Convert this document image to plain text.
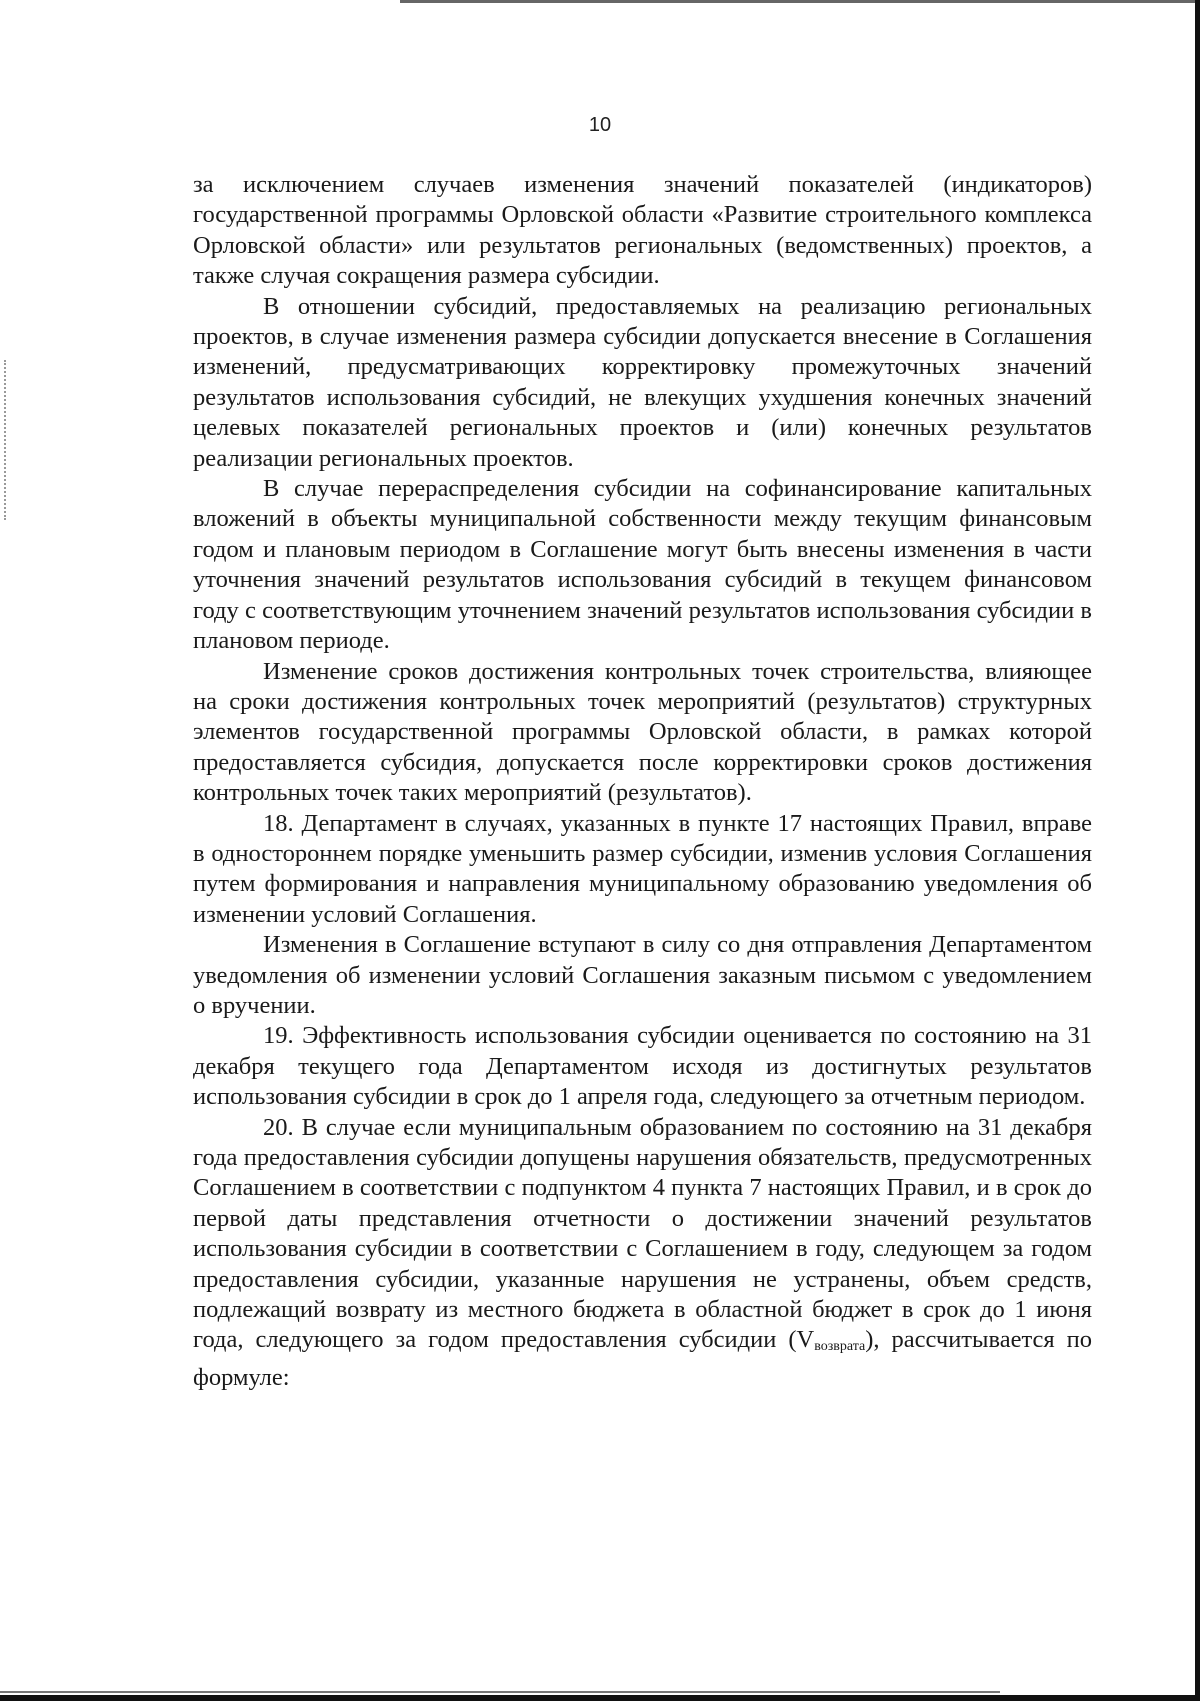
10

за исключением случаев изменения значений показателей (индикаторов) государственной программы Орловской области «Развитие строительного комплекса Орловской области» или результатов региональных (ведомственных) проектов, а также случая сокращения размера субсидии.

В отношении субсидий, предоставляемых на реализацию региональных проектов, в случае изменения размера субсидии допускается внесение в Соглашения изменений, предусматривающих корректировку промежуточных значений результатов использования субсидий, не влекущих ухудшения конечных значений целевых показателей региональных проектов и (или) конечных результатов реализации региональных проектов.

В случае перераспределения субсидии на софинансирование капитальных вложений в объекты муниципальной собственности между текущим финансовым годом и плановым периодом в Соглашение могут быть внесены изменения в части уточнения значений результатов использования субсидий в текущем финансовом году с соответствующим уточнением значений результатов использования субсидии в плановом периоде.

Изменение сроков достижения контрольных точек строительства, влияющее на сроки достижения контрольных точек мероприятий (результатов) структурных элементов государственной программы Орловской области, в рамках которой предоставляется субсидия, допускается после корректировки сроков достижения контрольных точек таких мероприятий (результатов).

18. Департамент в случаях, указанных в пункте 17 настоящих Правил, вправе в одностороннем порядке уменьшить размер субсидии, изменив условия Соглашения путем формирования и направления муниципальному образованию уведомления об изменении условий Соглашения.

Изменения в Соглашение вступают в силу со дня отправления Департаментом уведомления об изменении условий Соглашения заказным письмом с уведомлением о вручении.

19. Эффективность использования субсидии оценивается по состоянию на 31 декабря текущего года Департаментом исходя из достигнутых результатов использования субсидии в срок до 1 апреля года, следующего за отчетным периодом.

20. В случае если муниципальным образованием по состоянию на 31 декабря года предоставления субсидии допущены нарушения обязательств, предусмотренных Соглашением в соответствии с подпунктом 4 пункта 7 настоящих Правил, и в срок до первой даты представления отчетности о достижении значений результатов использования субсидии в соответствии с Соглашением в году, следующем за годом предоставления субсидии, указанные нарушения не устранены, объем средств, подлежащий возврату из местного бюджета в областной бюджет в срок до 1 июня года, следующего за годом предоставления субсидии $(V_{возврата})$, рассчитывается по формуле:
